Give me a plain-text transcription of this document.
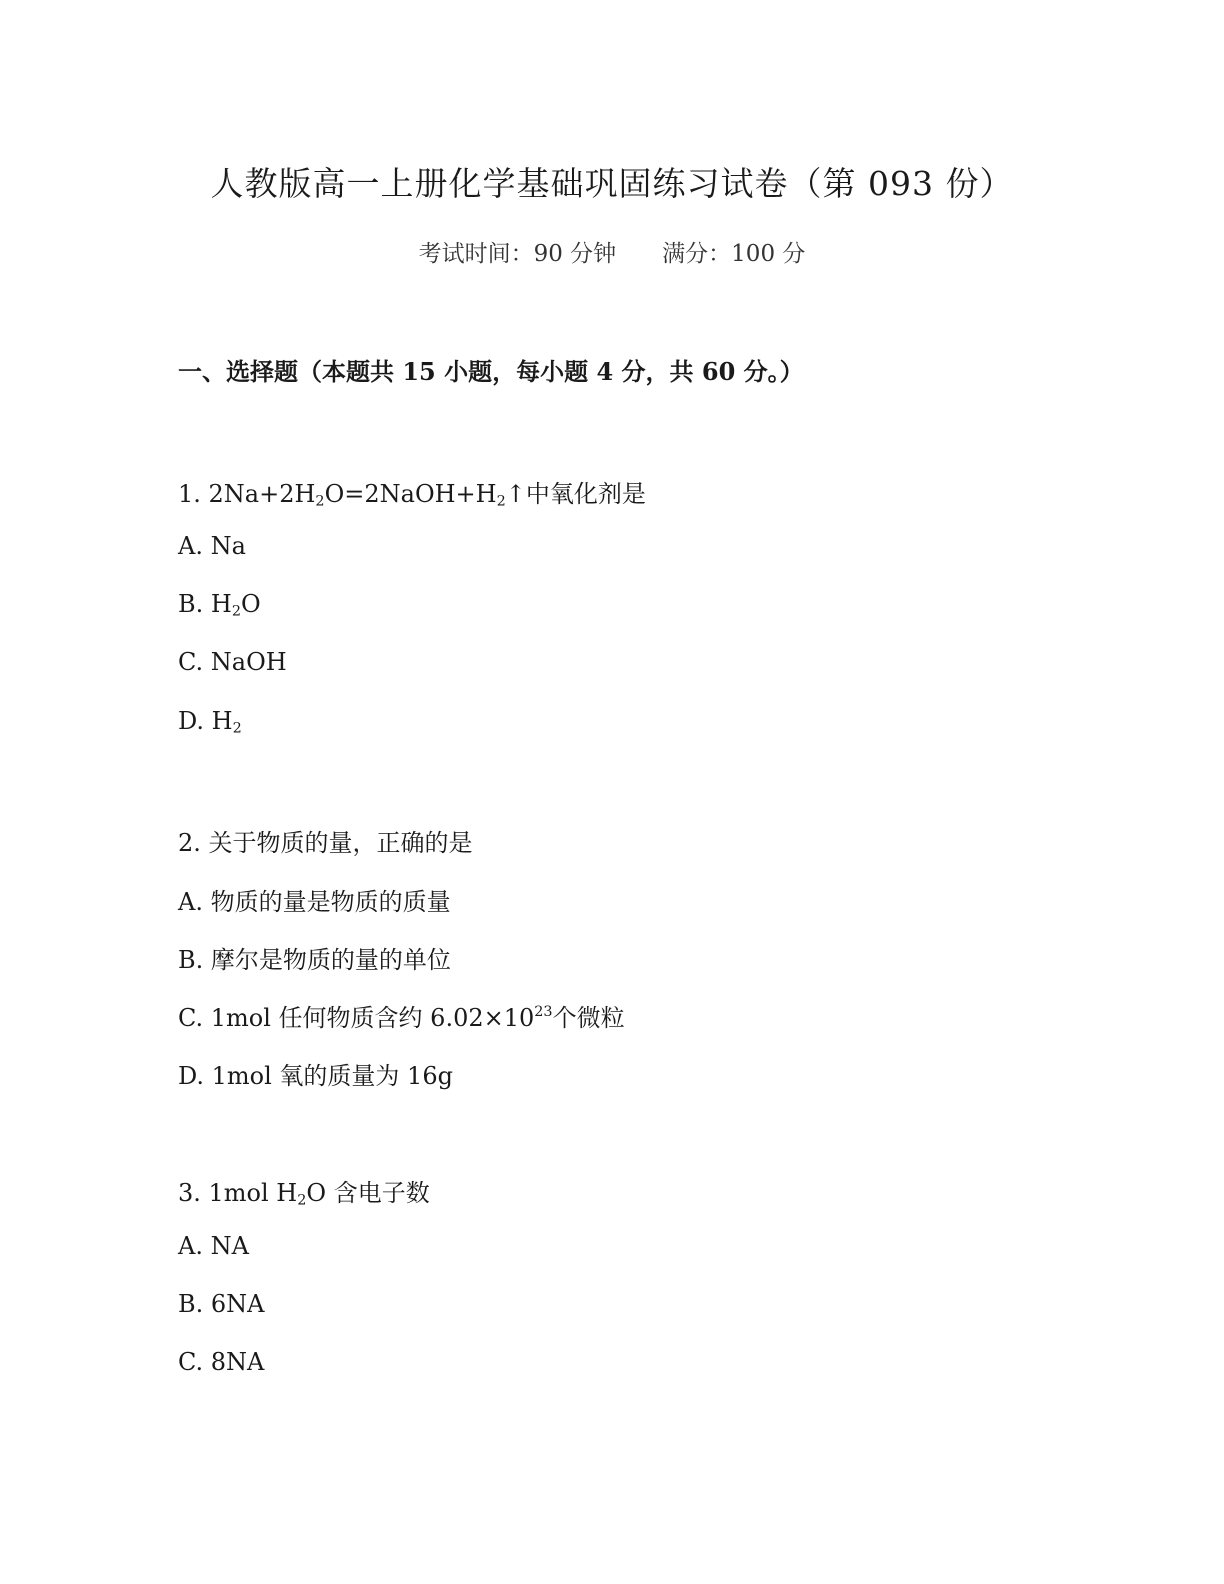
人教版高一上册化学基础巩固练习试卷（第 093 份）
考试时间：90 分钟　　满分：100 分
一、选择题（本题共 15 小题，每小题 4 分，共 60 分。）
1. $2Na+2H_2O=2NaOH+H_2↑$中氧化剂是
A. Na
B. $H_2O$
C. NaOH
D. $H_2$
2. 关于物质的量，正确的是
A. 物质的量是物质的质量
B. 摩尔是物质的量的单位
C. 1mol 任何物质含约 $6.02\times 10^{23}$个微粒
D. 1mol 氧的质量为 16g
3. 1mol $H_2O$ 含电子数
A. NA
B. 6NA
C. 8NA
